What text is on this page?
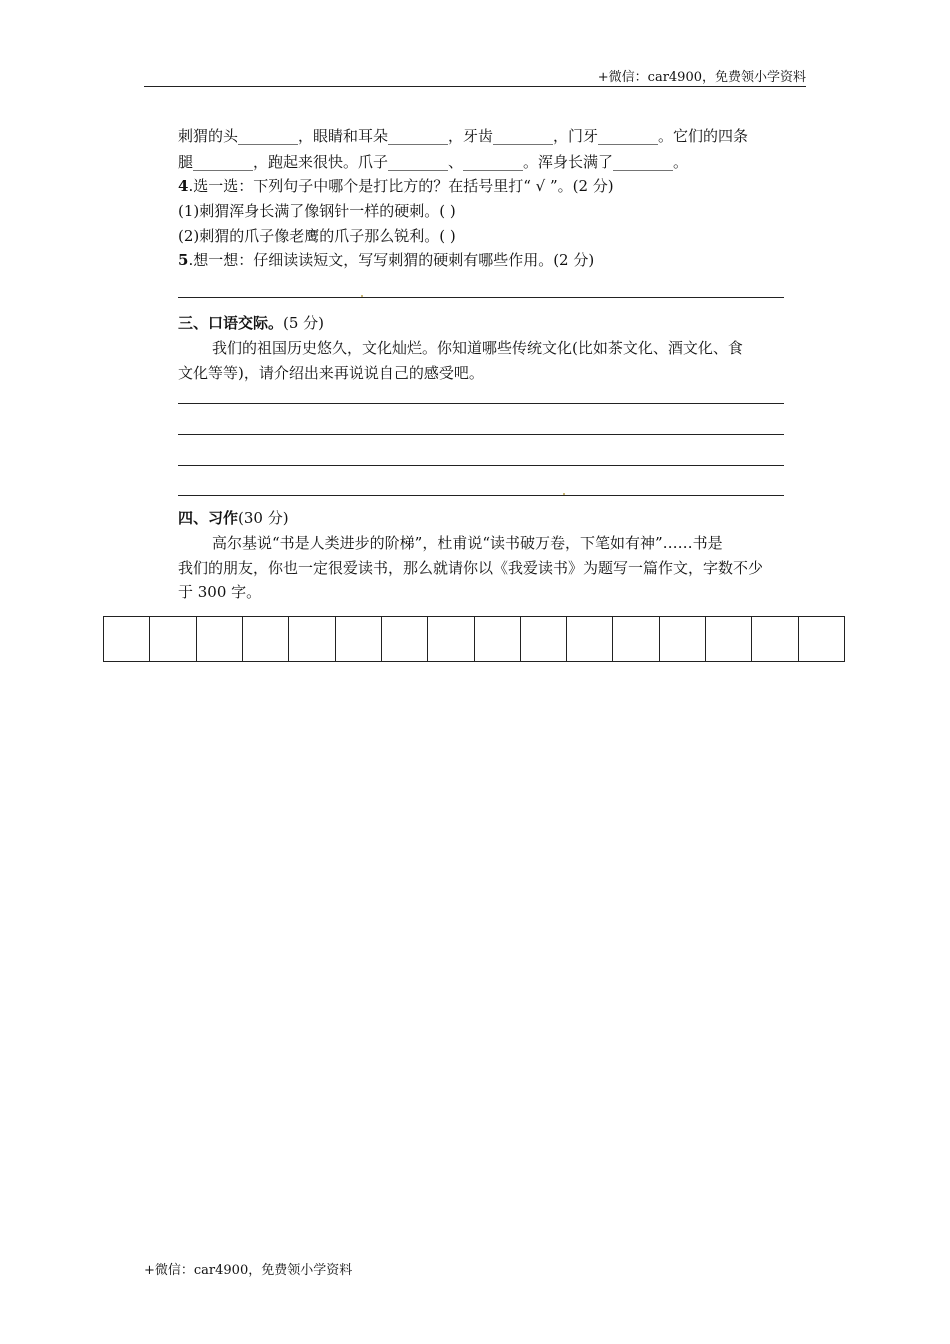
+微信：car4900，免费领小学资料
刺猬的头________，眼睛和耳朵________，牙齿________，门牙________。它们的四条
腿________，跑起来很快。爪子________、________。浑身长满了________。
4.选一选：下列句子中哪个是打比方的？在括号里打“ √ ”。(2 分)
(1)刺猬浑身长满了像钢针一样的硬刺。( )
(2)刺猬的爪子像老鹰的爪子那么锐利。( )
5.想一想：仔细读读短文，写写刺猬的硬刺有哪些作用。(2 分)
三、口语交际。(5 分)
我们的祖国历史悠久，文化灿烂。你知道哪些传统文化(比如茶文化、酒文化、食
文化等等)，请介绍出来再说说自己的感受吧。
四、习作(30 分)
高尔基说“书是人类进步的阶梯”，杜甫说“读书破万卷，下笔如有神”……书是
我们的朋友，你也一定很爱读书，那么就请你以《我爱读书》为题写一篇作文，字数不少
于 300 字。
+微信：car4900，免费领小学资料
